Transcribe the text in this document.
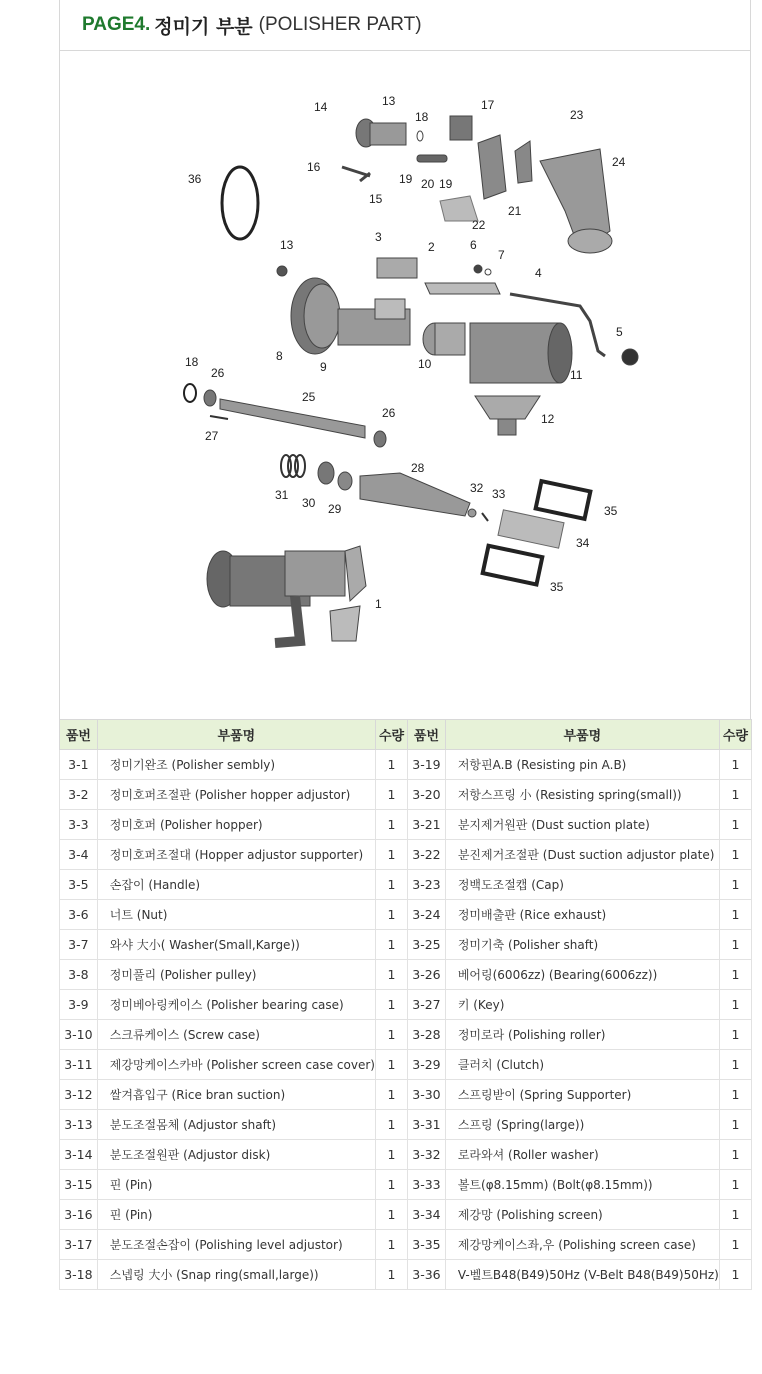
PAGE4. 정미기 부분 (POLISHER PART)
1
2
3
4
5
6
7
8
9	10
11
12
13
13
14
15
16
17
18
18
19 19
20
21
22
23
24
25
26
26
27
28
29
30
31	32 33
34
35
35
36
품번	부품명	수량	품번	부품명	수량
3-1	정미기완조 (Polisher sembly)	1	3-19	저항핀A.B (Resisting pin A.B)	1
3-2	정미호퍼조절판 (Polisher hopper adjustor)	1	3-20	저항스프링 小 (Resisting spring(small))	1
3-3	정미호퍼 (Polisher hopper)	1	3-21	분지제거원판 (Dust suction plate)	1
3-4	정미호퍼조절대 (Hopper adjustor supporter)	1	3-22	분진제거조절판 (Dust suction adjustor plate)	1
3-5	손잡이 (Handle)	1	3-23	정백도조절캡 (Cap)	1
3-6	너트 (Nut)	1	3-24	정미배출판 (Rice exhaust)	1
3-7	와샤 大小( Washer(Small,Karge))	1	3-25	정미기축 (Polisher shaft)	1
3-8	정미풀리 (Polisher pulley)	1	3-26	베어링(6006zz) (Bearing(6006zz))	1
3-9	정미베아링케이스 (Polisher bearing case)	1	3-27	키 (Key)	1
3-10	스크류케이스 (Screw case)	1	3-28	정미로라 (Polishing roller)	1
3-11	제강망케이스카바 (Polisher screen case cover)	1	3-29	클러치 (Clutch)	1
3-12	쌀겨흡입구 (Rice bran suction)	1	3-30	스프링받이 (Spring Supporter)	1
3-13	분도조절몸체 (Adjustor shaft)	1	3-31	스프링 (Spring(large))	1
3-14	분도조절원판 (Adjustor disk)	1	3-32	로라와셔 (Roller washer)	1
3-15	핀 (Pin)	1	3-33	볼트(φ8.15mm) (Bolt(φ8.15mm))	1
3-16	핀 (Pin)	1	3-34	제강망 (Polishing screen)	1
3-17	분도조절손잡이 (Polishing level adjustor)	1	3-35	제강망케이스좌,우 (Polishing screen case)	1
3-18	스넵링 大小 (Snap ring(small,large))	1	3-36	V-벨트B48(B49)50Hz (V-Belt B48(B49)50Hz)	1
